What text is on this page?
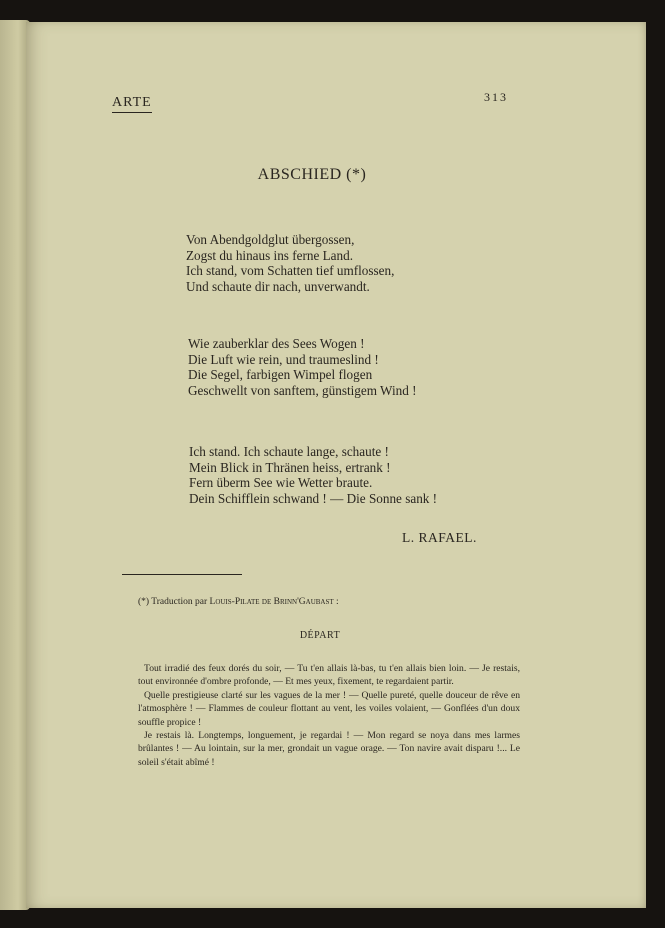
ARTE	313
ABSCHIED (*)
Von Abendgoldglut übergossen,
Zogst du hinaus ins ferne Land.
Ich stand, vom Schatten tief umflossen,
Und schaute dir nach, unverwandt.
Wie zauberklar des Sees Wogen !
Die Luft wie rein, und traumeslind !
Die Segel, farbigen Wimpel flogen
Geschwellt von sanftem, günstigem Wind !
Ich stand. Ich schaute lange, schaute !
Mein Blick in Thränen heiss, ertrank !
Fern überm See wie Wetter braute.
Dein Schifflein schwand ! — Die Sonne sank !
L. RAFAEL.
(*) Traduction par Louis-Pilate de Brinn'Gaubast :
DÉPART

Tout irradié des feux dorés du soir, — Tu t'en allais là-bas, tu t'en allais bien loin. — Je restais, tout environnée d'ombre profonde, — Et mes yeux, fixement, te regardaient partir.

Quelle prestigieuse clarté sur les vagues de la mer ! — Quelle pureté, quelle douceur de rêve en l'atmosphère ! — Flammes de couleur flottant au vent, les voiles volaient, — Gonflées d'un doux souffle propice !

Je restais là. Longtemps, longuement, je regardai ! — Mon regard se noya dans mes larmes brûlantes ! — Au lointain, sur la mer, grondait un vague orage. — Ton navire avait disparu !... Le soleil s'était abîmé !
